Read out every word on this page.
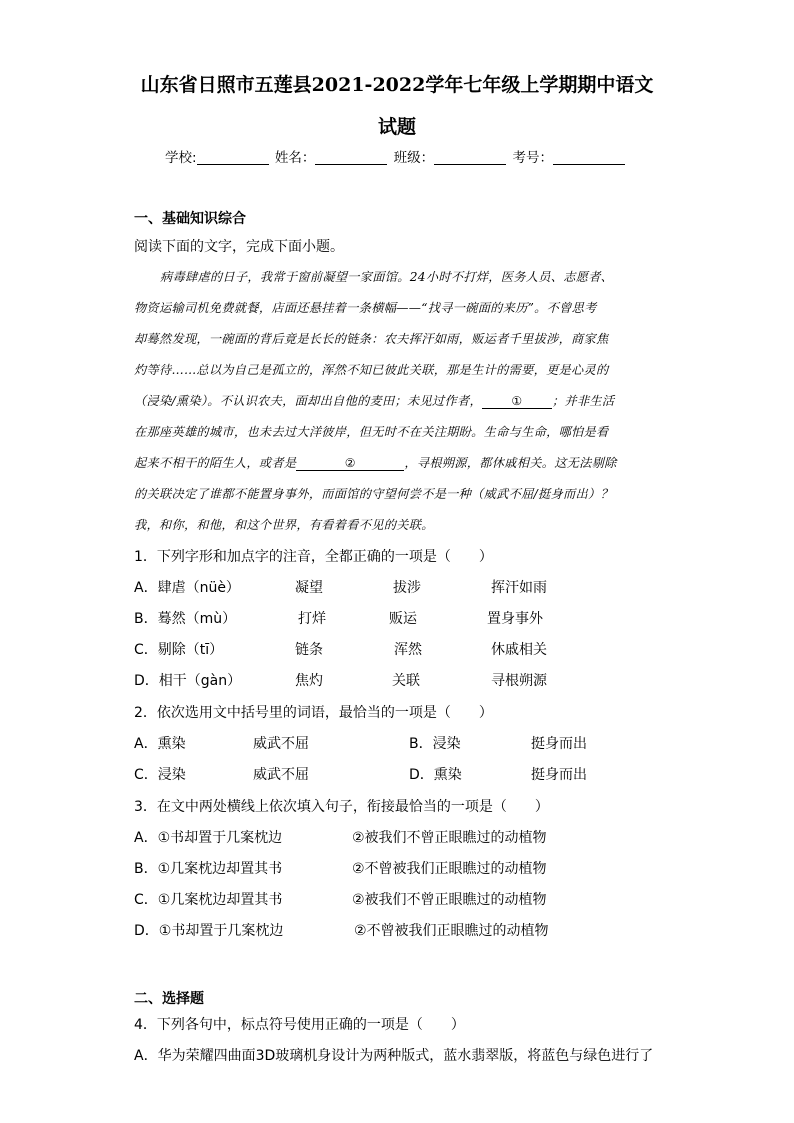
山东省日照市五莲县2021-2022学年七年级上学期期中语文
试题
学校:	姓名：	班级：	考号：
一、基础知识综合
阅读下面的文字，完成下面小题。
病毒肆虐的日子，我常于窗前凝望一家面馆。24小时不打烊，医务人员、志愿者、
物资运输司机免费就餐，店面还悬挂着一条横幅——“找寻一碗面的来历”。不曾思考
却蓦然发现，一碗面的背后竟是长长的链条：农夫挥汗如雨，贩运者千里拔涉，商家焦
灼等待……总以为自己是孤立的，浑然不知已彼此关联，那是生计的需要，更是心灵的
（浸染/熏染）。不认识农夫，面却出自他的麦田；未见过作者， ① ；并非生活
在那座英雄的城市，也未去过大洋彼岸，但无时不在关注期盼。生命与生命，哪怕是看
起来不相干的陌生人，或者是	②	，寻根朔源，都休戚相关。这无法剔除
的关联决定了谁都不能置身事外，而面馆的守望何尝不是一种（威武不屈/挺身而出）？
我，和你，和他，和这个世界，有看着看不见的关联。
1．下列字形和加点字的注音，全都正确的一项是（　　）
A．肆虐（nüè）	凝望	拔涉	挥汗如雨
B．蓦然（mù）	打烊	贩运	置身事外
C．剔除（tī）	链条	浑然	休戚相关
D．相干（gàn）	焦灼	关联	寻根朔源
2．依次选用文中括号里的词语，最恰当的一项是（　　）
A．熏染	威武不屈	B．浸染	挺身而出
C．浸染	威武不屈	D．熏染	挺身而出
3．在文中两处横线上依次填入句子，衔接最恰当的一项是（　　）
A．①书却置于几案枕边	②被我们不曾正眼瞧过的动植物
B．①几案枕边却置其书	②不曾被我们正眼瞧过的动植物
C．①几案枕边却置其书	②被我们不曾正眼瞧过的动植物
D．①书却置于几案枕边	②不曾被我们正眼瞧过的动植物
二、选择题
4．下列各句中，标点符号使用正确的一项是（　　）
A．华为荣耀四曲面3D玻璃机身设计为两种版式，蓝水翡翠版，将蓝色与绿色进行了
